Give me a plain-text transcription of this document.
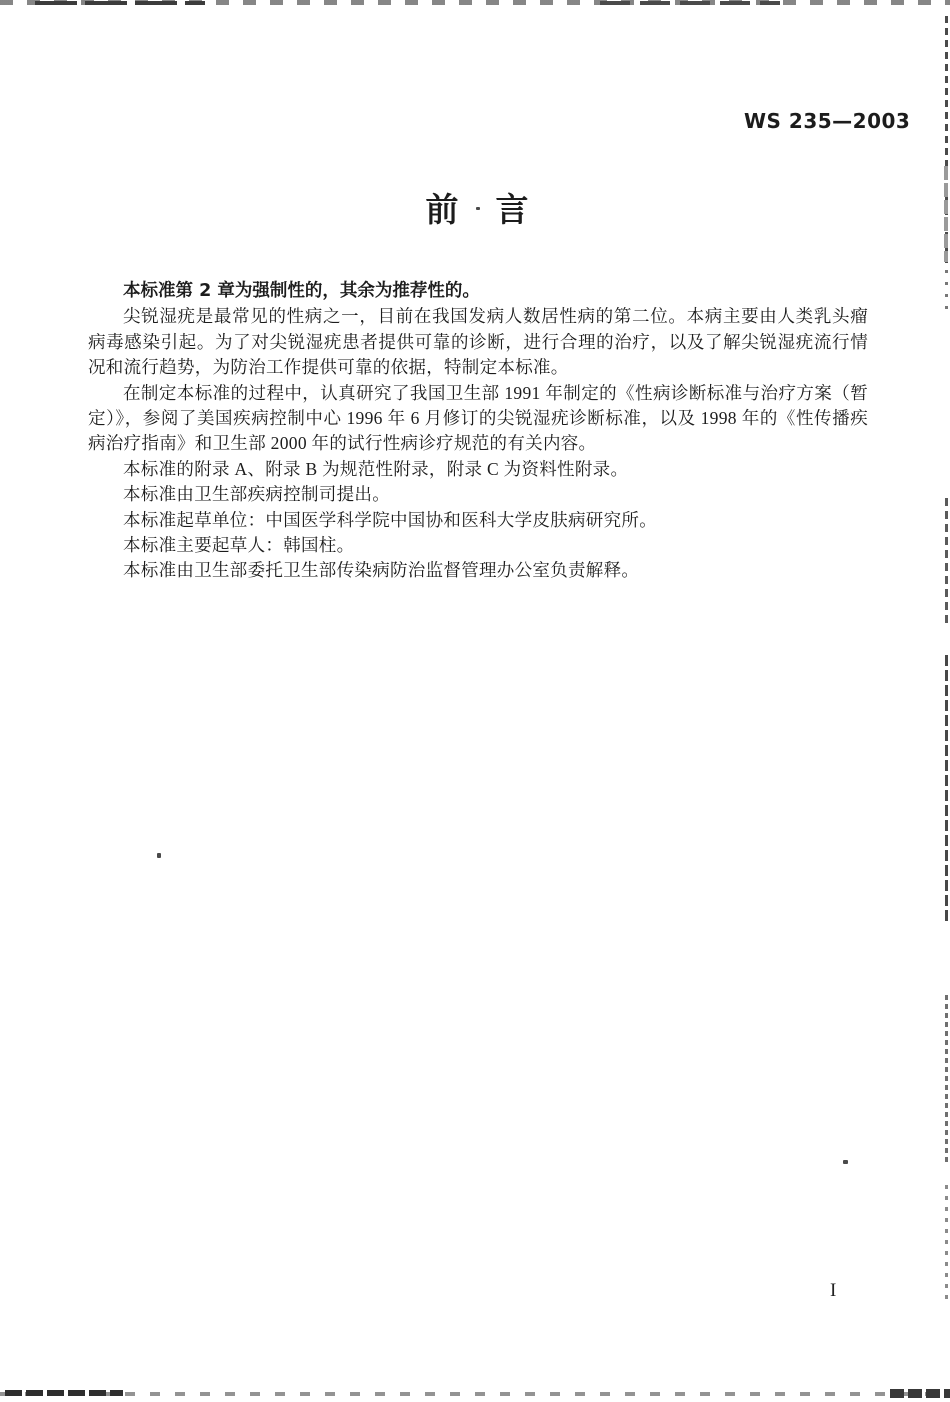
WS 235—2003
前　言

本标准第 2 章为强制性的，其余为推荐性的。

尖锐湿疣是最常见的性病之一，目前在我国发病人数居性病的第二位。本病主要由人类乳头瘤病毒感染引起。为了对尖锐湿疣患者提供可靠的诊断，进行合理的治疗，以及了解尖锐湿疣流行情况和流行趋势，为防治工作提供可靠的依据，特制定本标准。

在制定本标准的过程中，认真研究了我国卫生部 1991 年制定的《性病诊断标准与治疗方案（暂定）》，参阅了美国疾病控制中心 1996 年 6 月修订的尖锐湿疣诊断标准，以及 1998 年的《性传播疾病治疗指南》和卫生部 2000 年的试行性病诊疗规范的有关内容。

本标准的附录 A、附录 B 为规范性附录，附录 C 为资料性附录。

本标准由卫生部疾病控制司提出。

本标准起草单位：中国医学科学院中国协和医科大学皮肤病研究所。

本标准主要起草人：韩国柱。

本标准由卫生部委托卫生部传染病防治监督管理办公室负责解释。

I
